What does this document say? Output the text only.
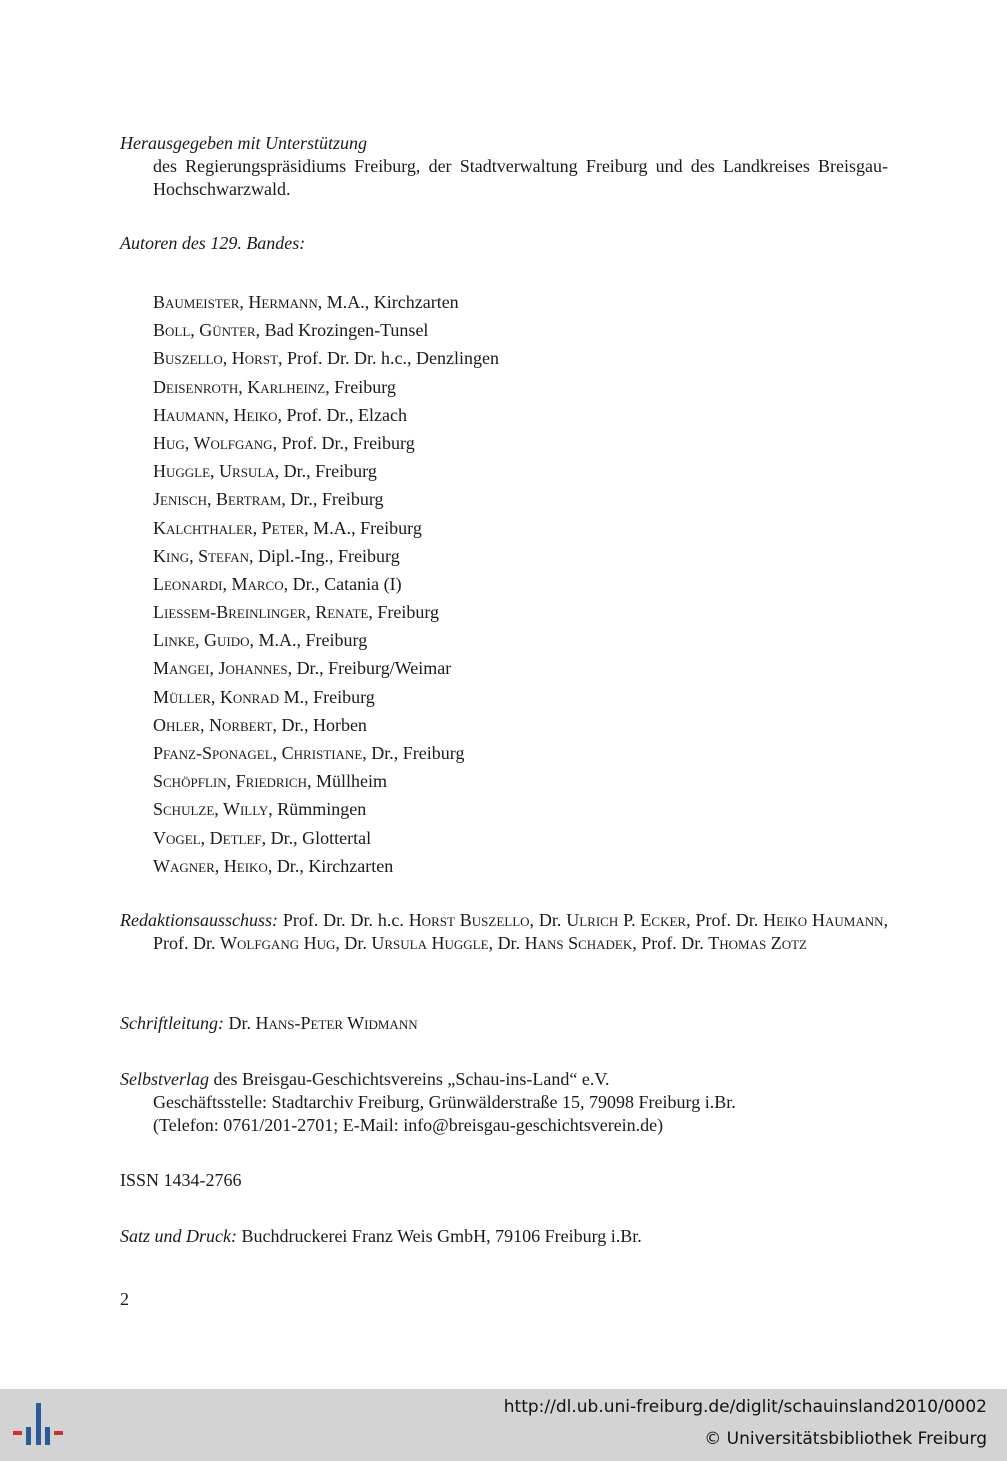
Herausgegeben mit Unterstützung
des Regierungspräsidiums Freiburg, der Stadtverwaltung Freiburg und des Landkreises Breisgau-Hochschwarzwald.
Autoren des 129. Bandes:
Baumeister, Hermann, M.A., Kirchzarten
Boll, Günter, Bad Krozingen-Tunsel
Buszello, Horst, Prof. Dr. Dr. h.c., Denzlingen
Deisenroth, Karlheinz, Freiburg
Haumann, Heiko, Prof. Dr., Elzach
Hug, Wolfgang, Prof. Dr., Freiburg
Huggle, Ursula, Dr., Freiburg
Jenisch, Bertram, Dr., Freiburg
Kalchthaler, Peter, M.A., Freiburg
King, Stefan, Dipl.-Ing., Freiburg
Leonardi, Marco, Dr., Catania (I)
Liessem-Breinlinger, Renate, Freiburg
Linke, Guido, M.A., Freiburg
Mangei, Johannes, Dr., Freiburg/Weimar
Müller, Konrad M., Freiburg
Ohler, Norbert, Dr., Horben
Pfanz-Sponagel, Christiane, Dr., Freiburg
Schöpflin, Friedrich, Müllheim
Schulze, Willy, Rümmingen
Vogel, Detlef, Dr., Glottertal
Wagner, Heiko, Dr., Kirchzarten
Redaktionsausschuss: Prof. Dr. Dr. h.c. Horst Buszello, Dr. Ulrich P. Ecker, Prof. Dr. Heiko Haumann, Prof. Dr. Wolfgang Hug, Dr. Ursula Huggle, Dr. Hans Schadek, Prof. Dr. Thomas Zotz
Schriftleitung: Dr. Hans-Peter Widmann
Selbstverlag des Breisgau-Geschichtsvereins „Schau-ins-Land“ e.V.
Geschäftsstelle: Stadtarchiv Freiburg, Grünwälderstraße 15, 79098 Freiburg i.Br.
(Telefon: 0761/201-2701; E-Mail: info@breisgau-geschichtsverein.de)
ISSN 1434-2766
Satz und Druck: Buchdruckerei Franz Weis GmbH, 79106 Freiburg i.Br.
2
http://dl.ub.uni-freiburg.de/diglit/schauinsland2010/0002
© Universitätsbibliothek Freiburg
